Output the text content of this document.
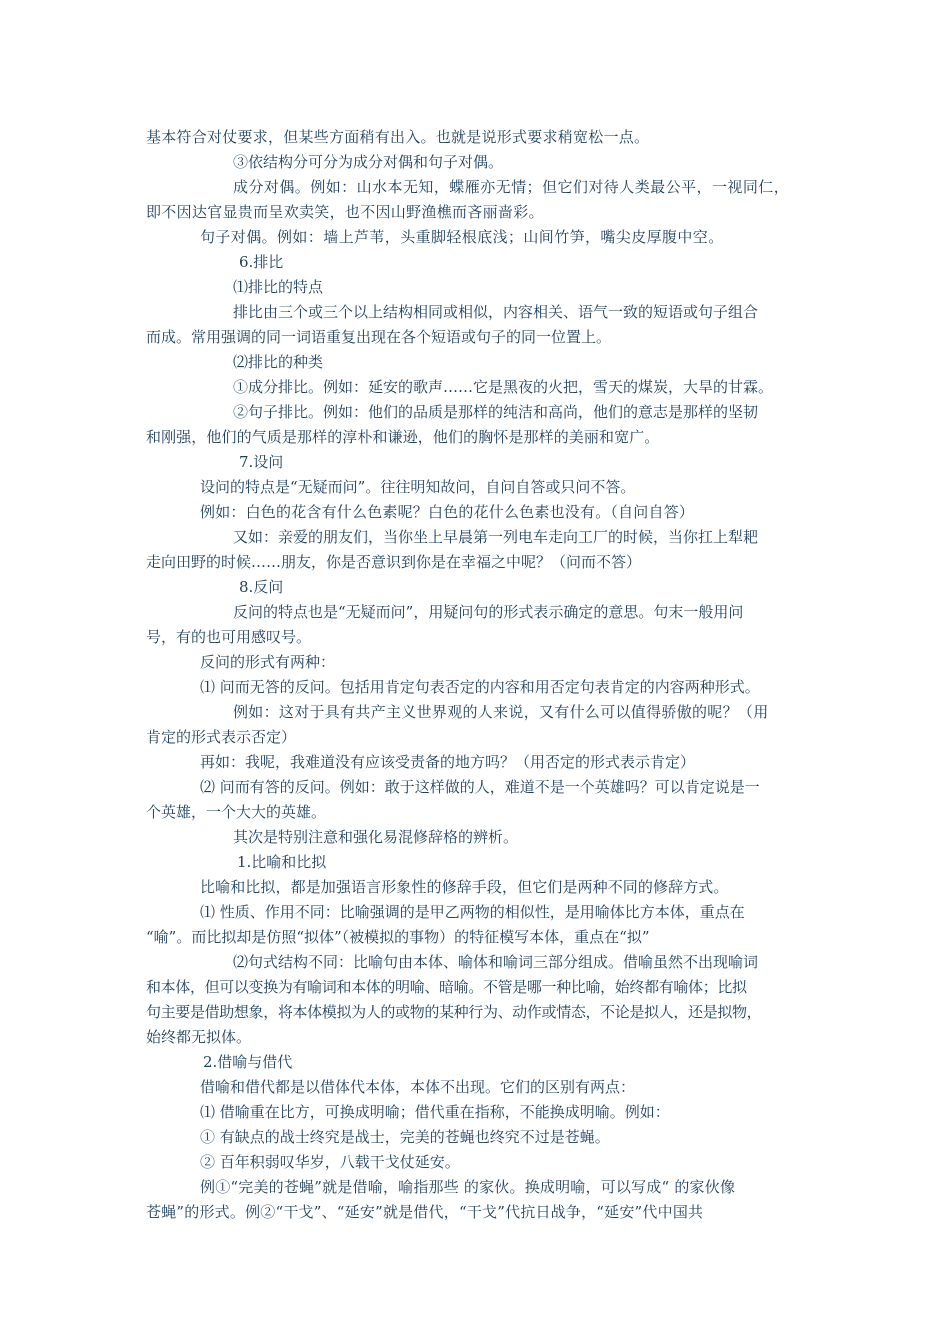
基本符合对仗要求，但某些方面稍有出入。也就是说形式要求稍宽松一点。
③依结构分可分为成分对偶和句子对偶。
成分对偶。例如：山水本无知，蝶雁亦无情；但它们对待人类最公平，一视同仁，
即不因达官显贵而呈欢卖笑，也不因山野渔樵而吝丽啬彩。
句子对偶。例如：墙上芦苇，头重脚轻根底浅；山间竹笋，嘴尖皮厚腹中空。
6.排比
⑴排比的特点
排比由三个或三个以上结构相同或相似，内容相关、语气一致的短语或句子组合
而成。常用强调的同一词语重复出现在各个短语或句子的同一位置上。
⑵排比的种类
①成分排比。例如：延安的歌声……它是黑夜的火把，雪天的煤炭，大旱的甘霖。
②句子排比。例如：他们的品质是那样的纯洁和高尚，他们的意志是那样的坚韧
和刚强，他们的气质是那样的淳朴和谦逊，他们的胸怀是那样的美丽和宽广。
7.设问
设问的特点是“无疑而问”。往往明知故问，自问自答或只问不答。
例如：白色的花含有什么色素呢？白色的花什么色素也没有。（自问自答）
又如：亲爱的朋友们，当你坐上早晨第一列电车走向工厂的时候，当你扛上犁耙
走向田野的时候……朋友，你是否意识到你是在幸福之中呢？（问而不答）
8.反问
反问的特点也是“无疑而问”，用疑问句的形式表示确定的意思。句末一般用问
号，有的也可用感叹号。
反问的形式有两种：
⑴ 问而无答的反问。包括用肯定句表否定的内容和用否定句表肯定的内容两种形式。
例如：这对于具有共产主义世界观的人来说，又有什么可以值得骄傲的呢？（用
肯定的形式表示否定）
再如：我呢，我难道没有应该受责备的地方吗？（用否定的形式表示肯定）
⑵ 问而有答的反问。例如：敢于这样做的人，难道不是一个英雄吗？可以肯定说是一
个英雄，一个大大的英雄。
其次是特别注意和强化易混修辞格的辨析。
1.比喻和比拟
比喻和比拟，都是加强语言形象性的修辞手段，但它们是两种不同的修辞方式。
⑴ 性质、作用不同：比喻强调的是甲乙两物的相似性，是用喻体比方本体，重点在
“喻”。而比拟却是仿照“拟体”（被模拟的事物）的特征模写本体，重点在“拟”
⑵句式结构不同：比喻句由本体、喻体和喻词三部分组成。借喻虽然不出现喻词
和本体，但可以变换为有喻词和本体的明喻、暗喻。不管是哪一种比喻，始终都有喻体；比拟
句主要是借助想象，将本体模拟为人的或物的某种行为、动作或情态，不论是拟人，还是拟物，
始终都无拟体。
2.借喻与借代
借喻和借代都是以借体代本体，本体不出现。它们的区别有两点：
⑴ 借喻重在比方，可换成明喻；借代重在指称，不能换成明喻。例如：
① 有缺点的战士终究是战士，完美的苍蝇也终究不过是苍蝇。
② 百年积弱叹华岁，八载干戈仗延安。
例①“完美的苍蝇”就是借喻，喻指那些 的家伙。换成明喻，可以写成“ 的家伙像
苍蝇”的形式。例②“干戈”、“延安”就是借代，“干戈”代抗日战争，“延安”代中国共
